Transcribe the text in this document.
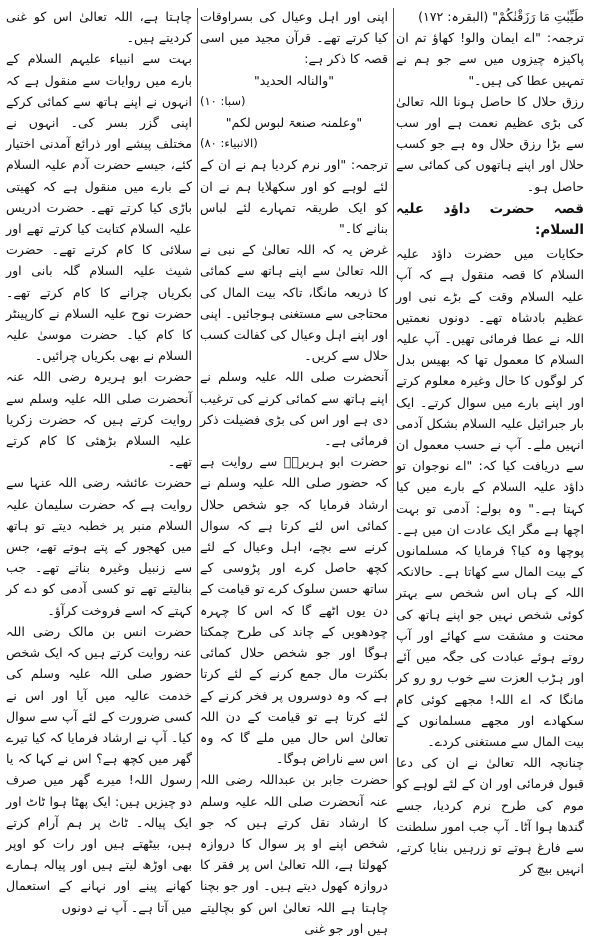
طَیِّبٰتِ مَا رَزَقْنٰکُمْ" (البقرہ: ۱۷۲)

ترجمہ: "اے ایمان والو! کھاؤ تم ان پاکیزہ چیزوں میں سے جو ہم نے تمہیں عطا کی ہیں۔"

رزق حلال کا حاصل ہونا اللہ تعالیٰ کی بڑی عظیم نعمت ہے اور سب سے بڑا رزق حلال وہ ہے جو کسب حلال اور اپنے ہاتھوں کی کمائی سے حاصل ہو۔

قصہ حضرت داؤد علیہ السلام:

حکایات میں حضرت داؤد علیہ السلام کا قصہ منقول ہے کہ آپ علیہ السلام وقت کے بڑے نبی اور عظیم بادشاہ تھے۔ دونوں نعمتیں اللہ نے عطا فرمائی تھیں۔ آپ علیہ السلام کا معمول تھا کہ بھیس بدل کر لوگوں کا حال وغیرہ معلوم کرتے اور اپنے بارے میں سوال کرتے۔ ایک بار جبرائیل علیہ السلام بشکل آدمی انہیں ملے۔ آپ نے حسب معمول ان سے دریافت کیا کہ: "اے نوجوان تو داؤد علیہ السلام کے بارے میں کیا کہتا ہے۔" وہ بولے: آدمی تو بہت اچھا ہے مگر ایک عادت ان میں ہے۔ پوچھا وہ کیا؟ فرمایا کہ مسلمانوں کے بیت المال سے کھاتا ہے۔ حالانکہ اللہ کے ہاں اس شخص سے بہتر کوئی شخص نہیں جو اپنے ہاتھ کی محنت و مشقت سے کھائے اور آپ روتے ہوئے عبادت کی جگہ میں آئے اور ہڑب العزت سے خوب رو رو کر مانگا کہ اے اللہ! مجھے کوئی کام سکھادے اور مجھے مسلمانوں کے بیت المال سے مستغنی کردے۔

چنانچہ اللہ تعالیٰ نے ان کی دعا قبول فرمائی اور ان کے لئے لوہے کو موم کی طرح نرم کردیا، جسے گندھا ہوا آٹا۔ آپ جب امور سلطنت سے فارغ ہوتے تو زرہیں بنایا کرتے، انہیں بیچ کر

اپنی اور اہل وعیال کی بسراوقات کیا کرتے تھے۔ قرآن مجید میں اسی قصہ کا ذکر ہے:

"والنالہ الحدید"

(سبا: ۱۰)

"وعلمنہ صنعۃ لبوس لکم"

(الانبیاء: ۸۰)

ترجمہ: "اور نرم کردیا ہم نے ان کے لئے لوہے کو اور سکھلایا ہم نے ان کو ایک طریقہ تمہارے لئے لباس بنانے کا۔"

غرض یہ کہ اللہ تعالیٰ کے نبی نے اللہ تعالیٰ سے اپنے ہاتھ سے کمائی کا ذریعہ مانگا، تاکہ بیت المال کی محتاجی سے مستغنی ہوجائیں۔ اپنی اور اپنے اہل وعیال کی کفالت کسب حلال سے کریں۔

آنحضرت صلی اللہ علیہ وسلم نے اپنے ہاتھ سے کمائی کرنے کی ترغیب دی ہے اور اس کی بڑی فضیلت ذکر فرمائی ہے۔

حضرت ابو ہریرہؓ سے روایت ہے کہ حضور صلی اللہ علیہ وسلم نے ارشاد فرمایا کہ جو شخص حلال کمائی اس لئے کرتا ہے کہ سوال کرنے سے بچے، اہل وعیال کے لئے کچھ حاصل کرے اور پڑوسی کے ساتھ حسن سلوک کرے تو قیامت کے دن یوں اٹھے گا کہ اس کا چہرہ چودھویں کے چاند کی طرح چمکتا ہوگا اور جو شخص حلال کمائی بکثرت مال جمع کرنے کے لئے کرتا ہے کہ وہ دوسروں پر فخر کرنے کے لئے کرتا ہے تو قیامت کے دن اللہ تعالیٰ اس حال میں ملے گا کہ وہ اس سے ناراض ہوگا۔

حضرت جابر بن عبداللہ رضی اللہ عنہ آنحضرت صلی اللہ علیہ وسلم کا ارشاد نقل کرتے ہیں کہ جو شخص اپنے او پر سوال کا دروازہ کھولتا ہے، اللہ تعالیٰ اس پر فقر کا دروازہ کھول دیتے ہیں۔ اور جو بچنا چاہتا ہے اللہ تعالیٰ اس کو بچالیتے ہیں اور جو غنی

چاہتا ہے، اللہ تعالیٰ اس کو غنی کردیتے ہیں۔

بہت سے انبیاء علیہم السلام کے بارے میں روایات سے منقول ہے کہ انہوں نے اپنے ہاتھ سے کمائی کرکے اپنی گزر بسر کی۔ انہوں نے مختلف پیشے اور ذرائع آمدنی اختیار کئے، جیسے حضرت آدم علیہ السلام کے بارے میں منقول ہے کہ کھیتی باڑی کیا کرتے تھے۔ حضرت ادریس علیہ السلام کتابت کیا کرتے تھے اور سلائی کا کام کرتے تھے۔ حضرت شیث علیہ السلام گلہ بانی اور بکریاں چرانے کا کام کرتے تھے۔ حضرت نوح علیہ السلام نے کارپینٹر کا کام کیا۔ حضرت موسیٰ علیہ السلام نے بھی بکریاں چرائیں۔

حضرت ابو ہریرہ رضی اللہ عنہ آنحضرت صلی اللہ علیہ وسلم سے روایت کرتے ہیں کہ حضرت زکریا علیہ السلام بڑھئی کا کام کرتے تھے۔

حضرت عائشہ رضی اللہ عنہا سے روایت ہے کہ حضرت سلیمان علیہ السلام منبر پر خطبہ دیتے تو ہاتھ میں کھجور کے پتے ہوتے تھے، جس سے زنبیل وغیرہ بناتے تھے۔ جب بنالیتے تھے تو کسی آدمی کو دے کر کہتے کہ اسے فروخت کرآؤ۔

حضرت انس بن مالک رضی اللہ عنہ روایت کرتے ہیں کہ ایک شخص حضور صلی اللہ علیہ وسلم کی خدمت عالیہ میں آیا اور اس نے کسی ضرورت کے لئے آپ سے سوال کیا۔ آپ نے ارشاد فرمایا کہ کیا تیرے گھر میں کچھ ہے؟ اس نے کہا کہ یا رسول اللہ! میرے گھر میں صرف دو چیزیں ہیں: ایک پھٹا ہوا ٹاٹ اور ایک پیالہ۔ ٹاٹ پر ہم آرام کرتے ہیں، بیٹھتے ہیں اور رات کو اوپر بھی اوڑھ لیتے ہیں اور پیالہ ہمارے کھانے پینے اور نہانے کے استعمال میں آتا ہے۔ آپ نے دونوں
